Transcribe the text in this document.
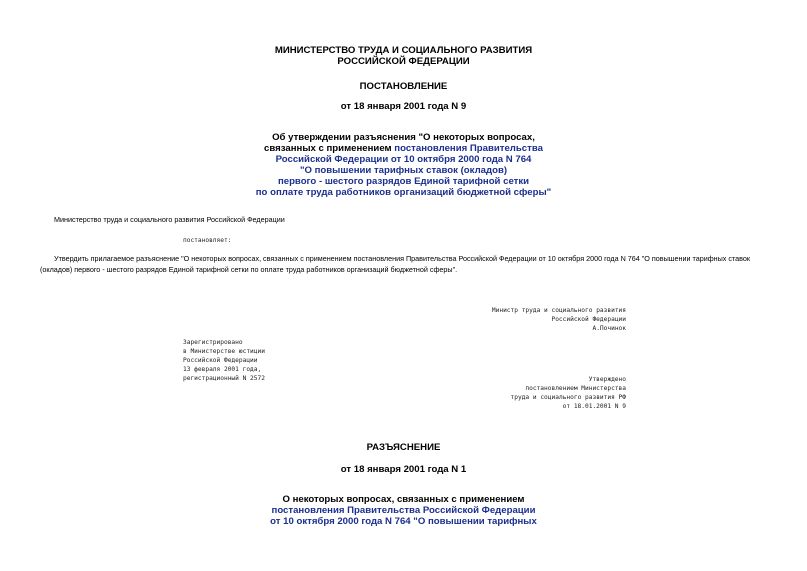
МИНИСТЕРСТВО ТРУДА И СОЦИАЛЬНОГО РАЗВИТИЯ
РОССИЙСКОЙ ФЕДЕРАЦИИ
ПОСТАНОВЛЕНИЕ
от 18 января 2001 года N 9
Об утверждении разъяснения "О некоторых вопросах,
связанных с применением постановления Правительства
Российской Федерации от 10 октября 2000 года N 764
"О повышении тарифных ставок (окладов)
первого - шестого разрядов Единой тарифной сетки
по оплате труда работников организаций бюджетной сферы"
Министерство труда и социального развития Российской Федерации
постановляет:
Утвердить прилагаемое разъяснение "О некоторых вопросах, связанных с применением постановления Правительства Российской Федерации от 10 октября 2000 года N 764 "О повышении тарифных ставок
(окладов) первого - шестого разрядов Единой тарифной сетки по оплате труда работников организаций бюджетной сферы".
Министр труда и социального развития
Российской Федерации
А.Починок
Зарегистрировано
в Министерстве юстиции
Российской Федерации
13 февраля 2001 года,
регистрационный N 2572	Утверждено
постановлением Министерства
труда и социального развития РФ
от 18.01.2001 N 9
РАЗЪЯСНЕНИЕ
от 18 января 2001 года N 1
О некоторых вопросах, связанных с применением
постановления Правительства Российской Федерации
от 10 октября 2000 года N 764 "О повышении тарифных
